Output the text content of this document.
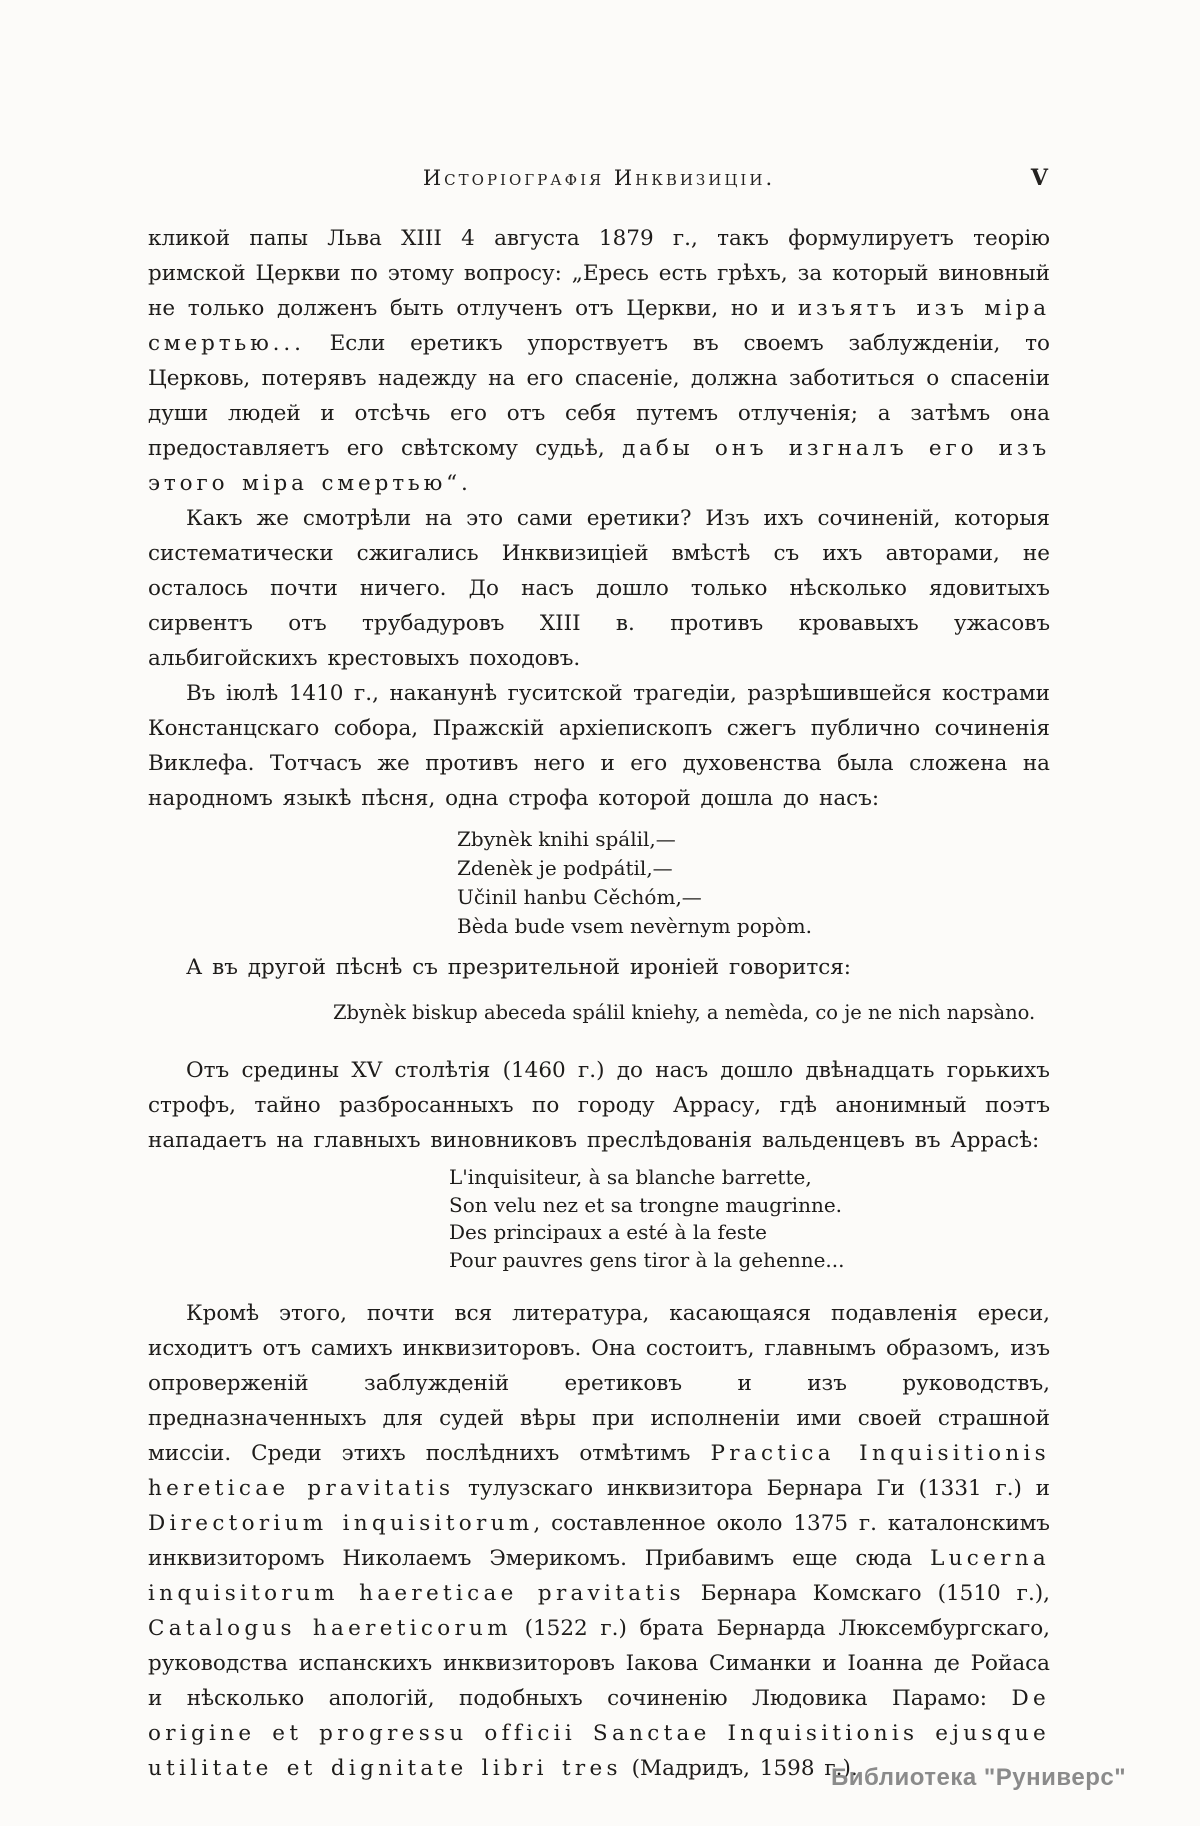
Исторіографія Инквизиціи.	V

кликой папы Льва XIII 4 августа 1879 г., такъ формулируетъ теорію римской Церкви по этому вопросу: „Ересь есть грѣхъ, за который виновный не только долженъ быть отлученъ отъ Церкви, но и изъятъ изъ міра смертью... Если еретикъ упорствуетъ въ своемъ заблужденіи, то Церковь, потерявъ надежду на его спасеніе, должна заботиться о спасеніи души людей и отсѣчь его отъ себя путемъ отлученія; а затѣмъ она предоставляетъ его свѣтскому судьѣ, дабы онъ изгналъ его изъ этого міра смертью“.

Какъ же смотрѣли на это сами еретики? Изъ ихъ сочиненій, которыя систематически сжигались Инквизиціей вмѣстѣ съ ихъ авторами, не осталось почти ничего. До насъ дошло только нѣсколько ядовитыхъ сирвентъ отъ трубадуровъ XIII в. противъ кровавыхъ ужасовъ альбигойскихъ крестовыхъ походовъ.

Въ іюлѣ 1410 г., наканунѣ гуситской трагедіи, разрѣшившейся кострами Констанцскаго собора, Пражскій архіепископъ сжегъ публично сочиненія Виклефа. Тотчасъ же противъ него и его духовенства была сложена на народномъ языкѣ пѣсня, одна строфа которой дошла до насъ:

Zbynèk knihi spálil,—
Zdenèk je podpátil,—
Učinil hanbu Cěchóm,—
Bèda bude vsem nevèrnym popòm.

А въ другой пѣснѣ съ презрительной ироніей говорится:

Zbynèk biskup abeceda spálil kniehy, a nemèda, co je ne nich napsàno.

Отъ средины XV столѣтія (1460 г.) до насъ дошло двѣнадцать горькихъ строфъ, тайно разбросанныхъ по городу Аррасу, гдѣ анонимный поэтъ нападаетъ на главныхъ виновниковъ преслѣдованія вальденцевъ въ Аррасѣ:

L'inquisiteur, à sa blanche barrette,
Son velu nez et sa trongne maugrinne.
Des principaux a esté à la feste
Pour pauvres gens tiror à la gehenne...

Кромѣ этого, почти вся литература, касающаяся подавленія ереси, исходитъ отъ самихъ инквизиторовъ. Она состоитъ, главнымъ образомъ, изъ опроверженій заблужденій еретиковъ и изъ руководствъ, предназначенныхъ для судей вѣры при исполненіи ими своей страшной миссіи. Среди этихъ послѣднихъ отмѣтимъ Practica Inquisitionis hereticae pravitatis тулузскаго инквизитора Бернара Ги (1331 г.) и Directorium inquisitorum, составленное около 1375 г. каталонскимъ инквизиторомъ Николаемъ Эмерикомъ. Прибавимъ еще сюда Lucerna inquisitorum haereticae pravitatis Бернара Комскаго (1510 г.), Catalogus haereticorum (1522 г.) брата Бернарда Люксембургскаго, руководства испанскихъ инквизиторовъ Іакова Симанки и Іоанна де Ройаса и нѣсколько апологій, подобныхъ сочиненію Людовика Парамо: De origine et progressu officii Sanctae Inquisitionis ejusque utilitate et dignitate libri tres (Мадридъ, 1598 г.).

Библиотека "Руниверс"
